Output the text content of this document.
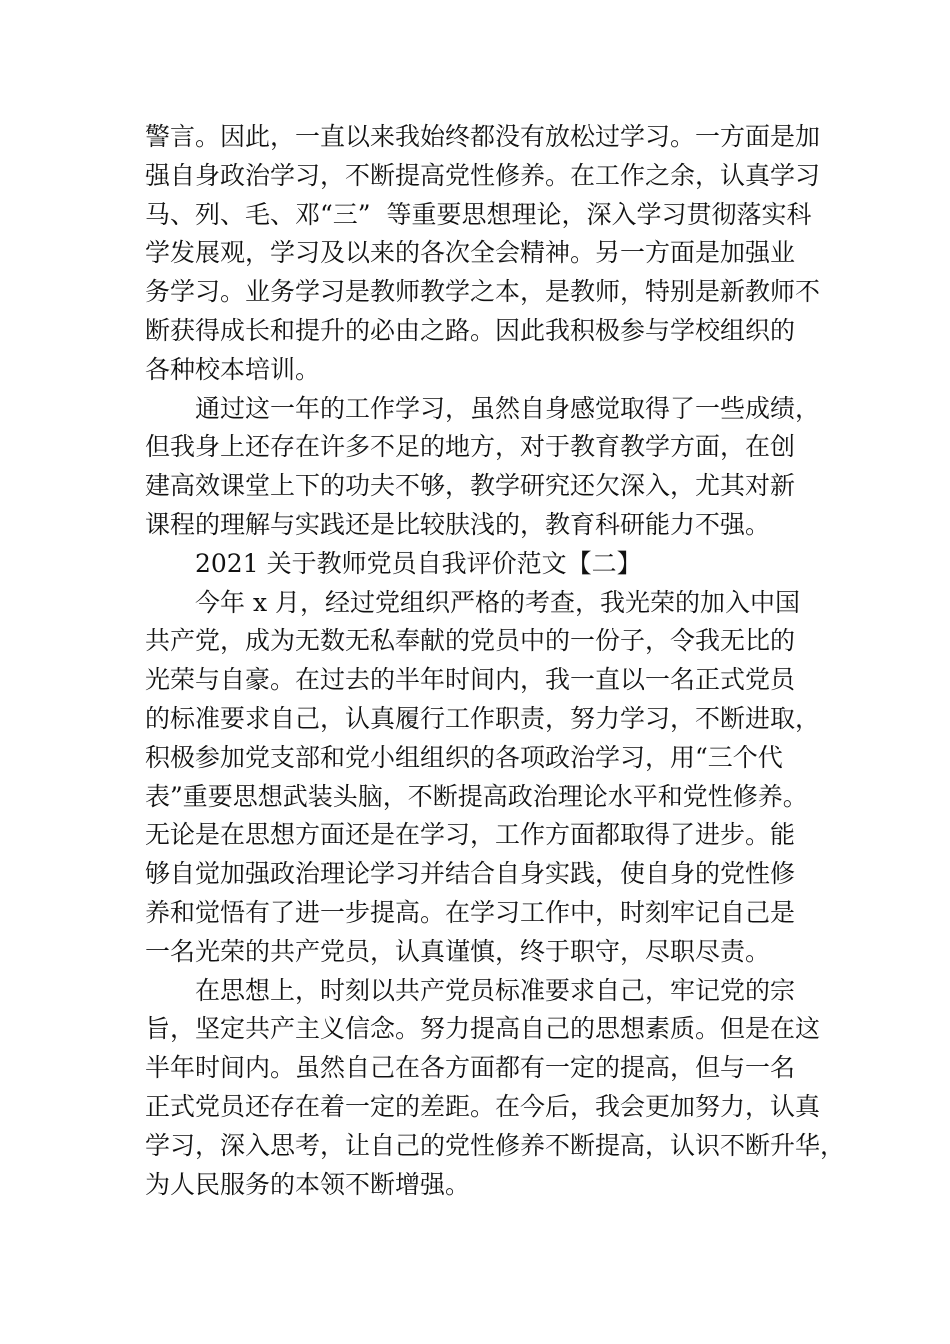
警言。因此，一直以来我始终都没有放松过学习。一方面是加
强自身政治学习，不断提高党性修养。在工作之余，认真学习
马、列、毛、邓“三”  等重要思想理论，深入学习贯彻落实科
学发展观，学习及以来的各次全会精神。另一方面是加强业
务学习。业务学习是教师教学之本，是教师，特别是新教师不
断获得成长和提升的必由之路。因此我积极参与学校组织的
各种校本培训。
通过这一年的工作学习，虽然自身感觉取得了一些成绩，
但我身上还存在许多不足的地方，对于教育教学方面，在创
建高效课堂上下的功夫不够，教学研究还欠深入，尤其对新
课程的理解与实践还是比较肤浅的，教育科研能力不强。
2021 关于教师党员自我评价范文【二】
今年 x 月，经过党组织严格的考查，我光荣的加入中国
共产党，成为无数无私奉献的党员中的一份子，令我无比的
光荣与自豪。在过去的半年时间内，我一直以一名正式党员
的标准要求自己，认真履行工作职责，努力学习，不断进取，
积极参加党支部和党小组组织的各项政治学习，用“三个代
表”重要思想武装头脑，不断提高政治理论水平和党性修养。
无论是在思想方面还是在学习，工作方面都取得了进步。能
够自觉加强政治理论学习并结合自身实践，使自身的党性修
养和觉悟有了进一步提高。在学习工作中，时刻牢记自己是
一名光荣的共产党员，认真谨慎，终于职守，尽职尽责。
在思想上，时刻以共产党员标准要求自己，牢记党的宗
旨，坚定共产主义信念。努力提高自己的思想素质。但是在这
半年时间内。虽然自己在各方面都有一定的提高，但与一名
正式党员还存在着一定的差距。在今后，我会更加努力，认真
学习，深入思考，让自己的党性修养不断提高，认识不断升华，
为人民服务的本领不断增强。
